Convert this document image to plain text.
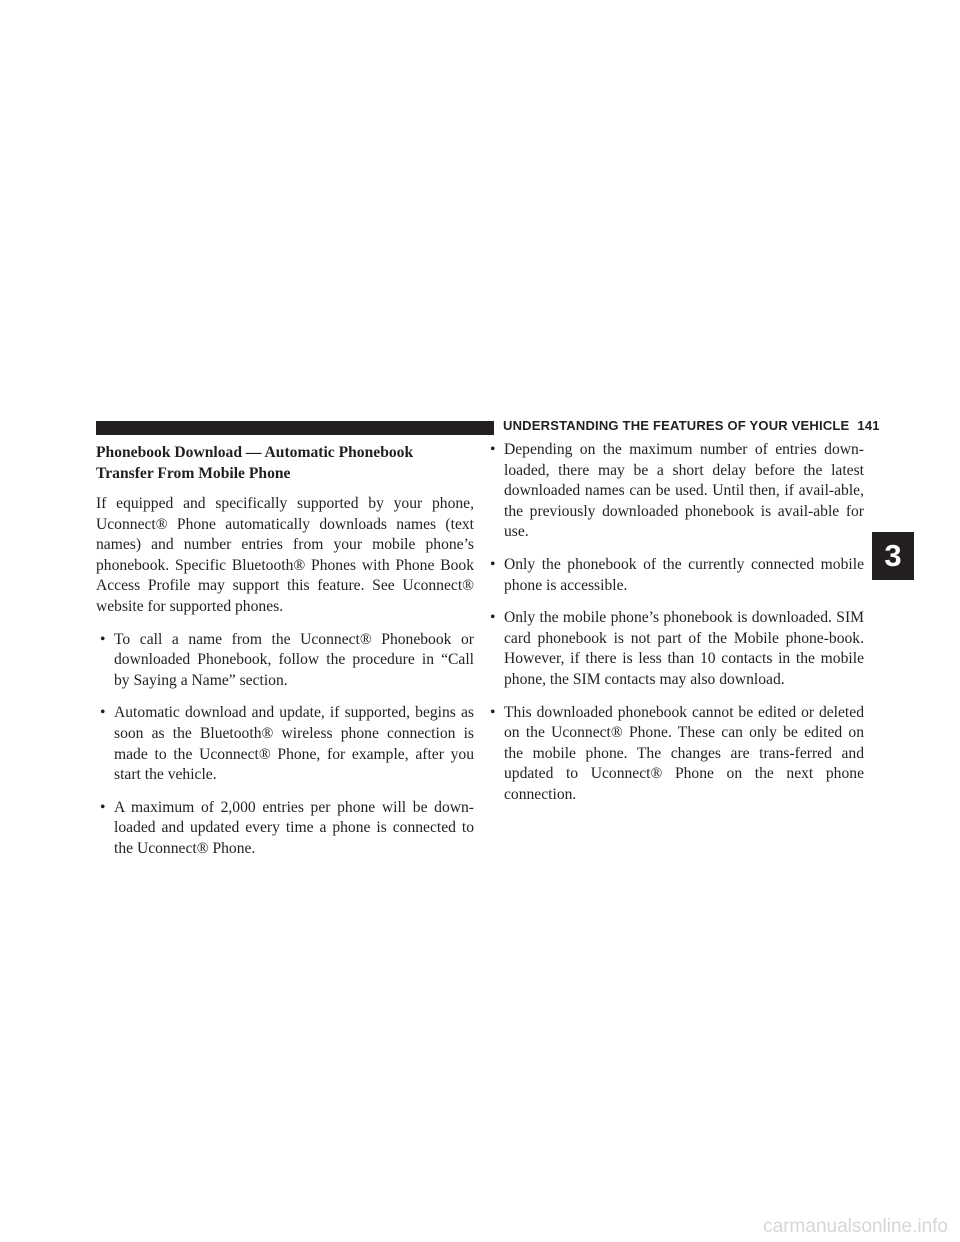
UNDERSTANDING THE FEATURES OF YOUR VEHICLE 141
Phonebook Download — Automatic Phonebook Transfer From Mobile Phone

If equipped and specifically supported by your phone, Uconnect® Phone automatically downloads names (text names) and number entries from your mobile phone’s phonebook. Specific Bluetooth® Phones with Phone Book Access Profile may support this feature. See Uconnect® website for supported phones.

• To call a name from the Uconnect® Phonebook or downloaded Phonebook, follow the procedure in “Call by Saying a Name” section.
• Automatic download and update, if supported, begins as soon as the Bluetooth® wireless phone connection is made to the Uconnect® Phone, for example, after you start the vehicle.
• A maximum of 2,000 entries per phone will be down-loaded and updated every time a phone is connected to the Uconnect® Phone.
• Depending on the maximum number of entries down-loaded, there may be a short delay before the latest downloaded names can be used. Until then, if avail-able, the previously downloaded phonebook is avail-able for use.
• Only the phonebook of the currently connected mobile phone is accessible.
• Only the mobile phone’s phonebook is downloaded. SIM card phonebook is not part of the Mobile phone-book. However, if there is less than 10 contacts in the mobile phone, the SIM contacts may also download.
• This downloaded phonebook cannot be edited or deleted on the Uconnect® Phone. These can only be edited on the mobile phone. The changes are trans-ferred and updated to Uconnect® Phone on the next phone connection.
3
carmanualsonline.info
